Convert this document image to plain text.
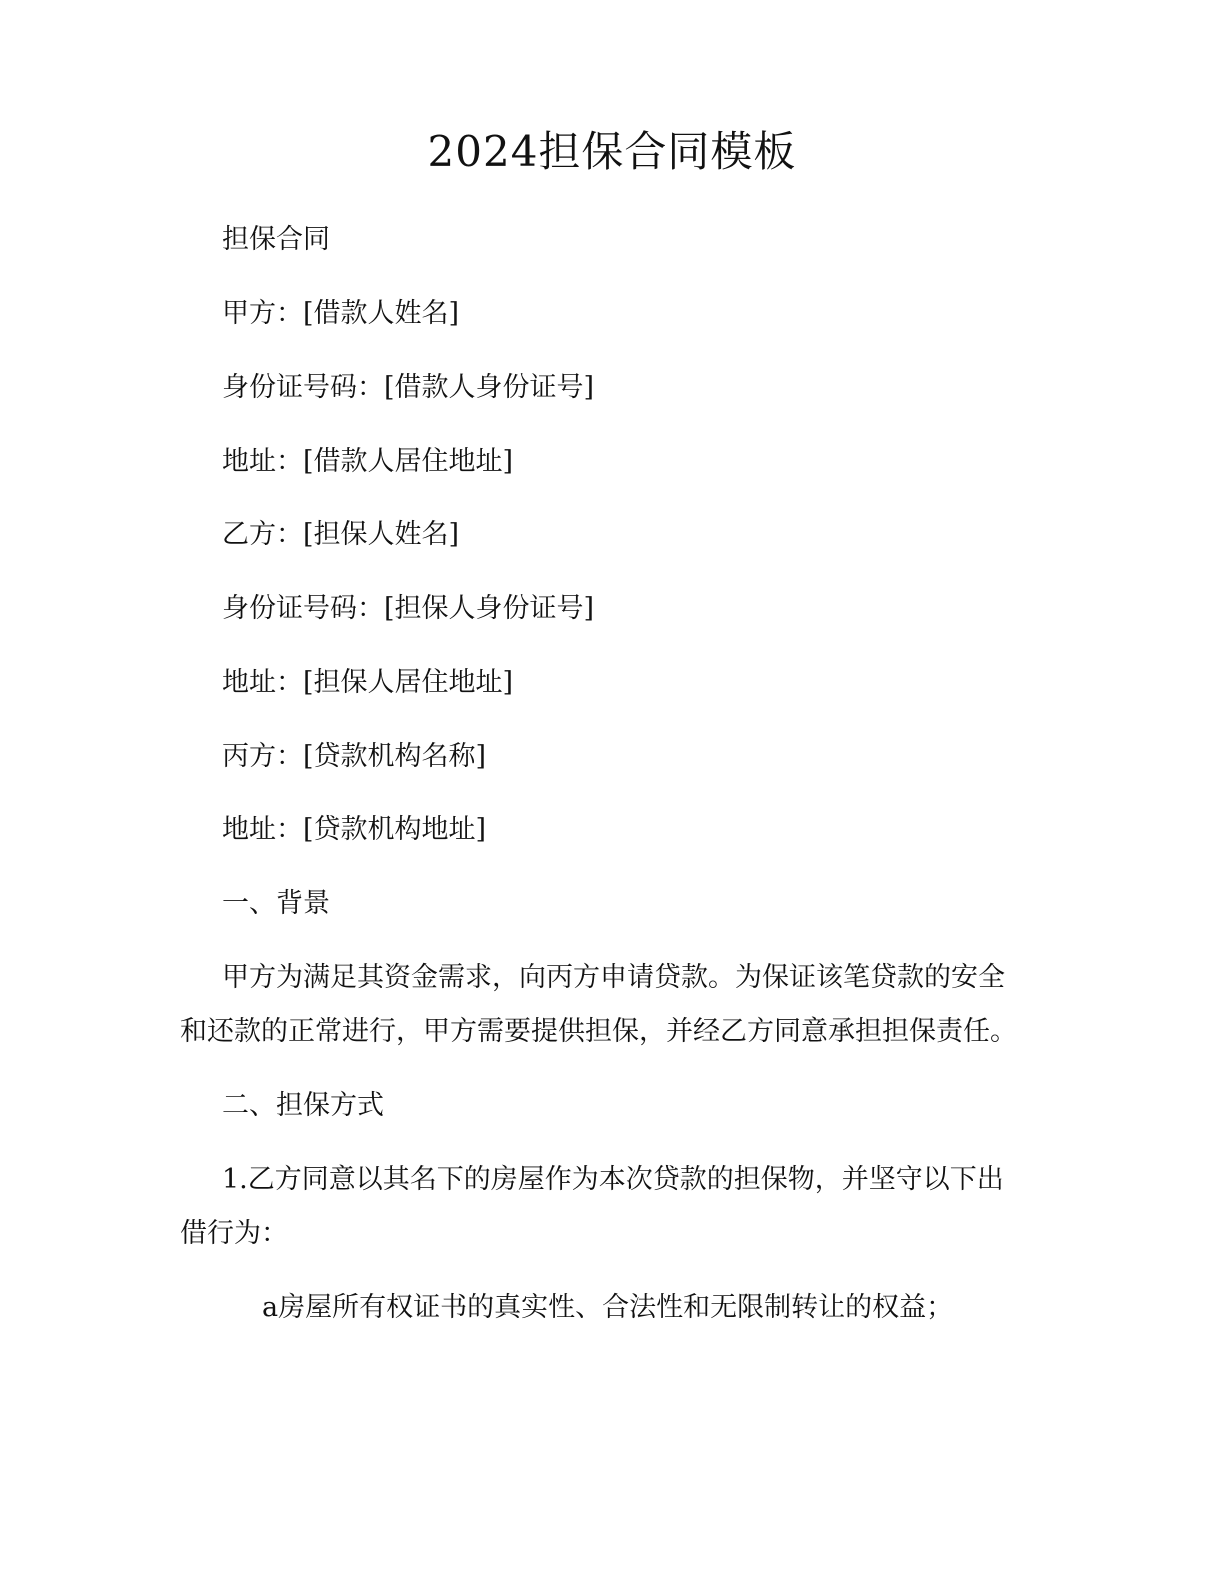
2024担保合同模板

担保合同

甲方：[借款人姓名]

身份证号码：[借款人身份证号]

地址：[借款人居住地址]

乙方：[担保人姓名]

身份证号码：[担保人身份证号]

地址：[担保人居住地址]

丙方：[贷款机构名称]

地址：[贷款机构地址]

一、背景

甲方为满足其资金需求，向丙方申请贷款。为保证该笔贷款的安全

和还款的正常进行，甲方需要提供担保，并经乙方同意承担担保责任。

二、担保方式

1.乙方同意以其名下的房屋作为本次贷款的担保物，并坚守以下出

借行为：

a房屋所有权证书的真实性、合法性和无限制转让的权益；
